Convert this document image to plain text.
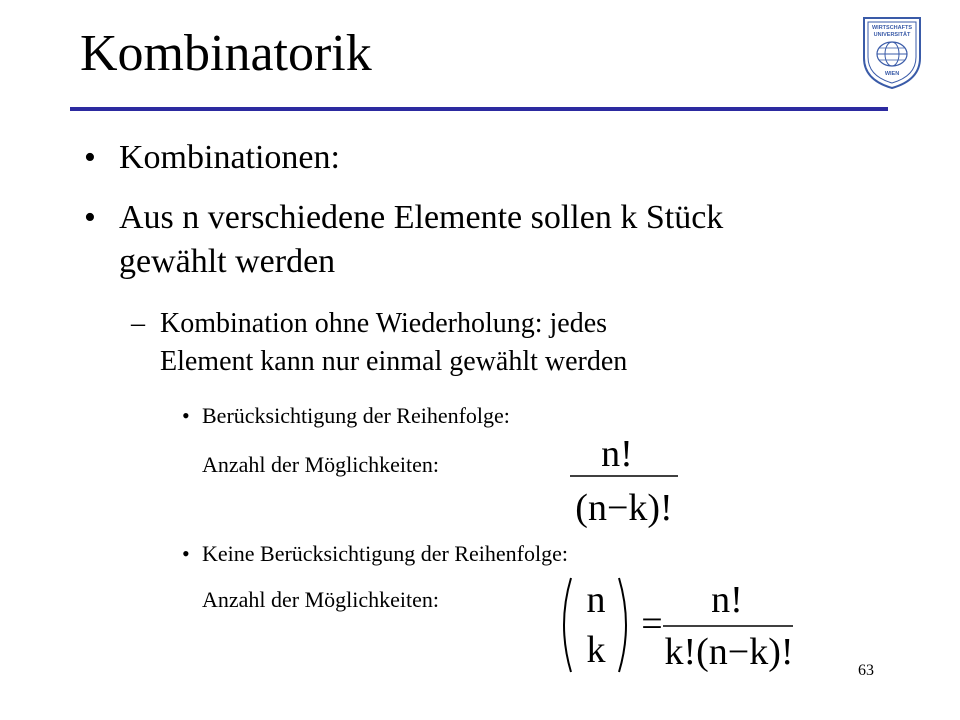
Kombinatorik	WIRTSCHAFTS
UNIVERSITÄT
WIEN
• Kombinationen:
• Aus n verschiedene Elemente sollen k Stück
gewählt werden
– Kombination ohne Wiederholung: jedes
Element kann nur einmal gewählt werden
• Berücksichtigung der Reihenfolge:
Anzahl der Möglichkeiten:	n!
(n−k)!
• Keine Berücksichtigung der Reihenfolge:
Anzahl der Möglichkeiten:	n
k
=
n!
k!(n−k)!	63
